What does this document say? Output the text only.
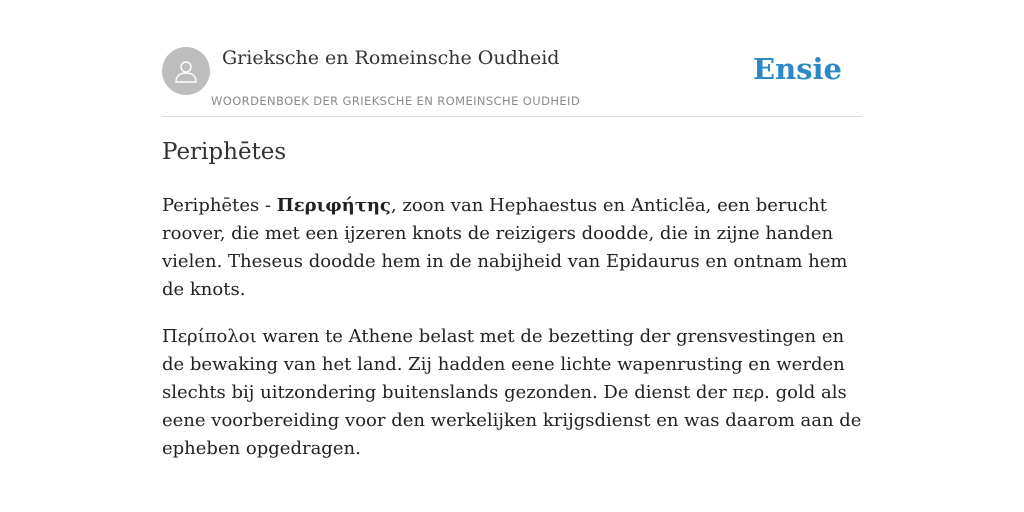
Grieksche en Romeinsche Oudheid
WOORDENBOEK DER GRIEKSCHE EN ROMEINSCHE OUDHEID
Ensie
Periphētes

Periphētes - Περιφήτης, zoon van Hephaestus en Anticlēa, een berucht roover, die met een ijzeren knots de reizigers doodde, die in zijne handen vielen. Theseus doodde hem in de nabijheid van Epidaurus en ontnam hem de knots.

Περίπολοι waren te Athene belast met de bezetting der grensvestingen en de bewaking van het land. Zij hadden eene lichte wapenrusting en werden slechts bij uitzondering buitenslands gezonden. De dienst der περ. gold als eene voorbereiding voor den werkelijken krijgsdienst en was daarom aan de epheben opgedragen.
